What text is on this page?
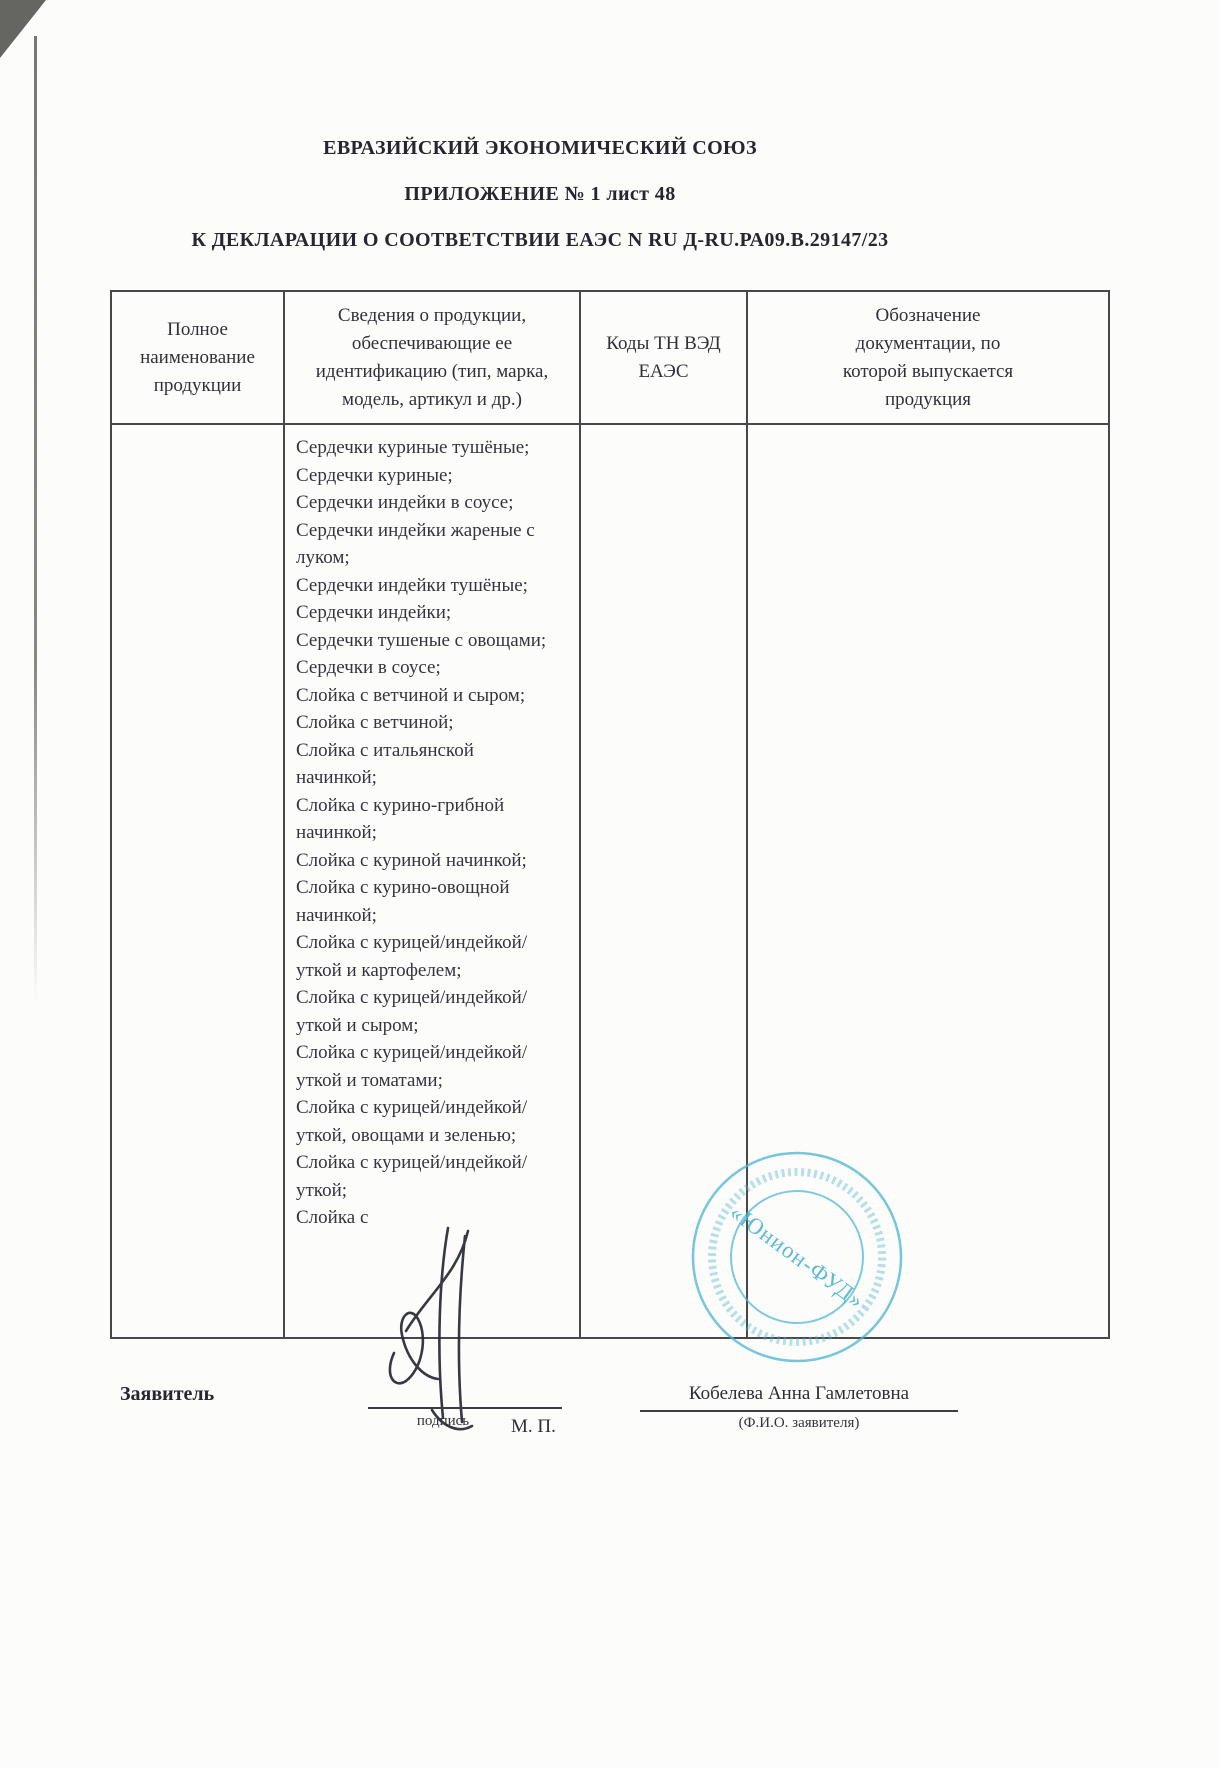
ЕВРАЗИЙСКИЙ ЭКОНОМИЧЕСКИЙ СОЮЗ
ПРИЛОЖЕНИЕ № 1 лист 48
К ДЕКЛАРАЦИИ О СООТВЕТСТВИИ ЕАЭС N RU Д-RU.РА09.В.29147/23
Полное наименование продукции
Сведения о продукции, обеспечивающие ее идентификацию (тип, марка, модель, артикул и др.)
Коды ТН ВЭД ЕАЭС
Обозначение документации, по которой выпускается продукция
Сердечки куриные тушёные;
Сердечки куриные;
Сердечки индейки в соусе;
Сердечки индейки жареные с луком;
Сердечки индейки тушёные;
Сердечки индейки;
Сердечки тушеные с овощами;
Сердечки в соусе;
Слойка с ветчиной и сыром;
Слойка с ветчиной;
Слойка с итальянской начинкой;
Слойка с курино-грибной начинкой;
Слойка с куриной начинкой;
Слойка с курино-овощной начинкой;
Слойка с курицей/индейкой/уткой и картофелем;
Слойка с курицей/индейкой/уткой и сыром;
Слойка с курицей/индейкой/уткой и томатами;
Слойка с курицей/индейкой/уткой, овощами и зеленью;
Слойка с курицей/индейкой/уткой;
Слойка с	«Юнион-ФУД»
Заявитель
подпись	М. П.
Кобелева Анна Гамлетовна
(Ф.И.О. заявителя)
